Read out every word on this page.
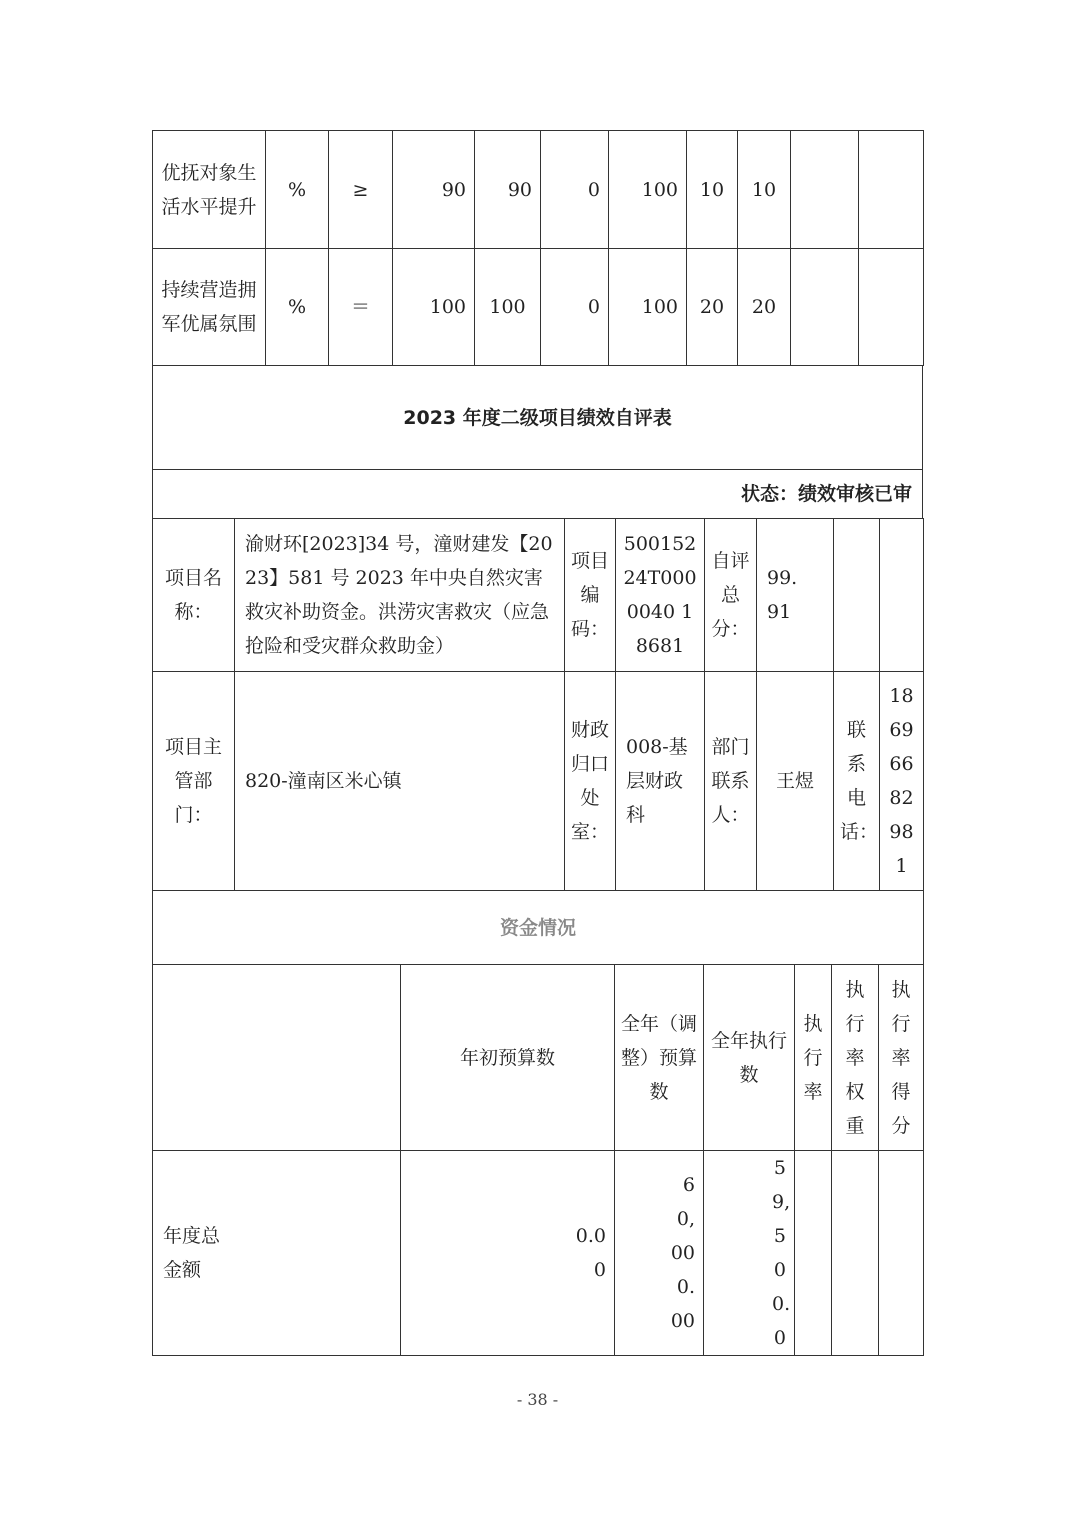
优抚对象生活水平提升	%	≥	90	90	0	100	10	10		
持续营造拥军优属氛围	%	＝	100	100	0	100	20	20		
2023 年度二级项目绩效自评表
状态：绩效审核已审
项目名称：	渝财环[2023]34 号，潼财建发【2023】581 号 2023 年中央自然灾害救灾补助资金。洪涝灾害救灾（应急抢险和受灾群众救助金）	项目编码：	500152 24T0000040 18681	自评总分：	99.91		
项目主管部门：	820-潼南区米心镇	财政归口处室：	008-基层财政科	部门联系人：	王煜	联系电话：	18696682981
资金情况						
	年初预算数	全年（调整）预算数	全年执行数	执行率	执行率权重	执行率得分
年度总金额	0.00	60,000.00	59,500.0			
- 38 -
